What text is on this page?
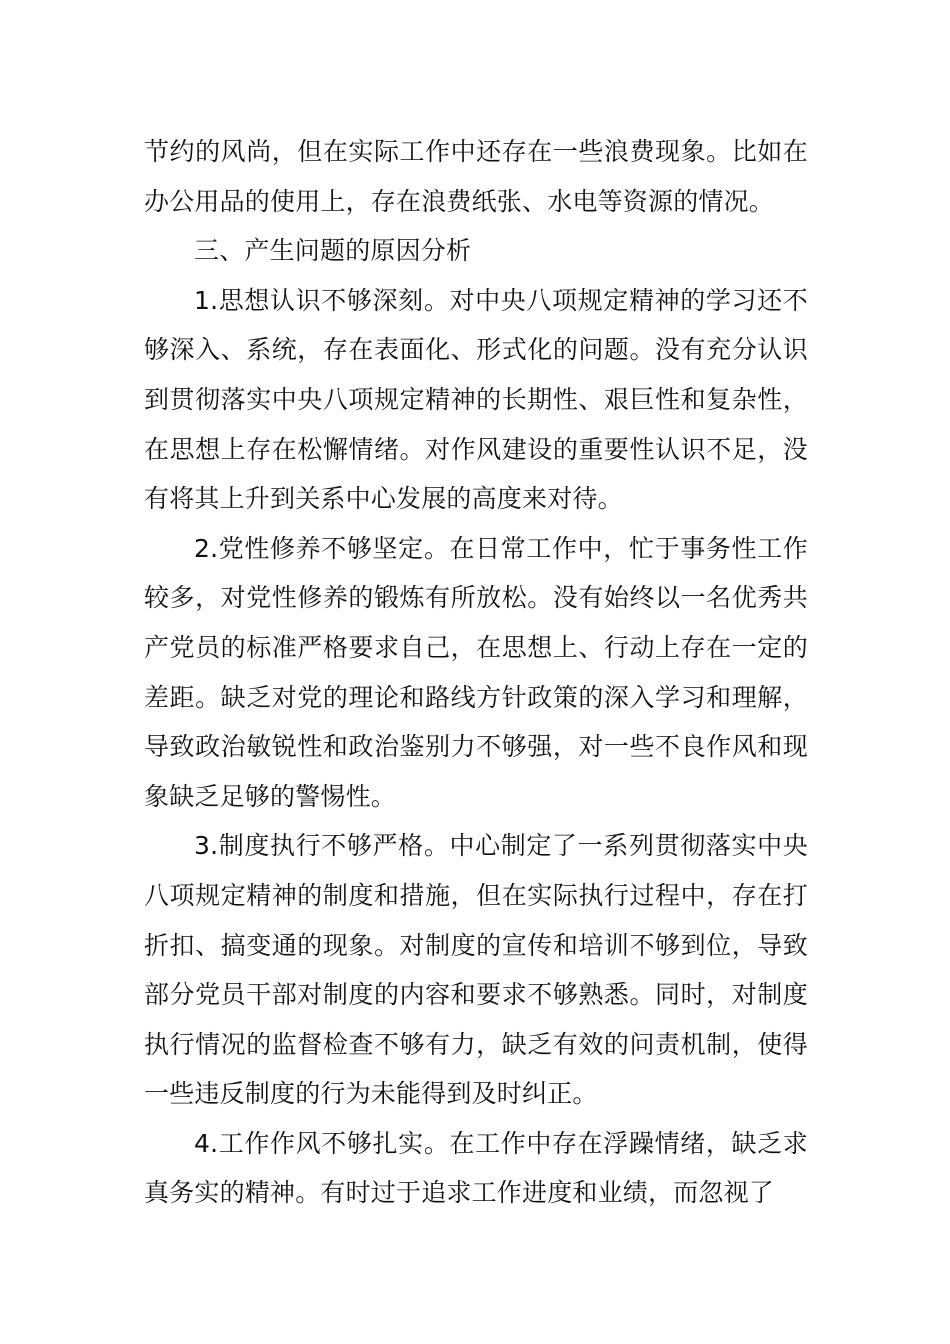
节约的风尚，但在实际工作中还存在一些浪费现象。比如在办公用品的使用上，存在浪费纸张、水电等资源的情况。

三、产生问题的原因分析

1.思想认识不够深刻。对中央八项规定精神的学习还不够深入、系统，存在表面化、形式化的问题。没有充分认识到贯彻落实中央八项规定精神的长期性、艰巨性和复杂性，在思想上存在松懈情绪。对作风建设的重要性认识不足，没有将其上升到关系中心发展的高度来对待。

2.党性修养不够坚定。在日常工作中，忙于事务性工作较多，对党性修养的锻炼有所放松。没有始终以一名优秀共产党员的标准严格要求自己，在思想上、行动上存在一定的差距。缺乏对党的理论和路线方针政策的深入学习和理解，导致政治敏锐性和政治鉴别力不够强，对一些不良作风和现象缺乏足够的警惕性。

3.制度执行不够严格。中心制定了一系列贯彻落实中央八项规定精神的制度和措施，但在实际执行过程中，存在打折扣、搞变通的现象。对制度的宣传和培训不够到位，导致部分党员干部对制度的内容和要求不够熟悉。同时，对制度执行情况的监督检查不够有力，缺乏有效的问责机制，使得一些违反制度的行为未能得到及时纠正。

4.工作作风不够扎实。在工作中存在浮躁情绪，缺乏求真务实的精神。有时过于追求工作进度和业绩，而忽视了
